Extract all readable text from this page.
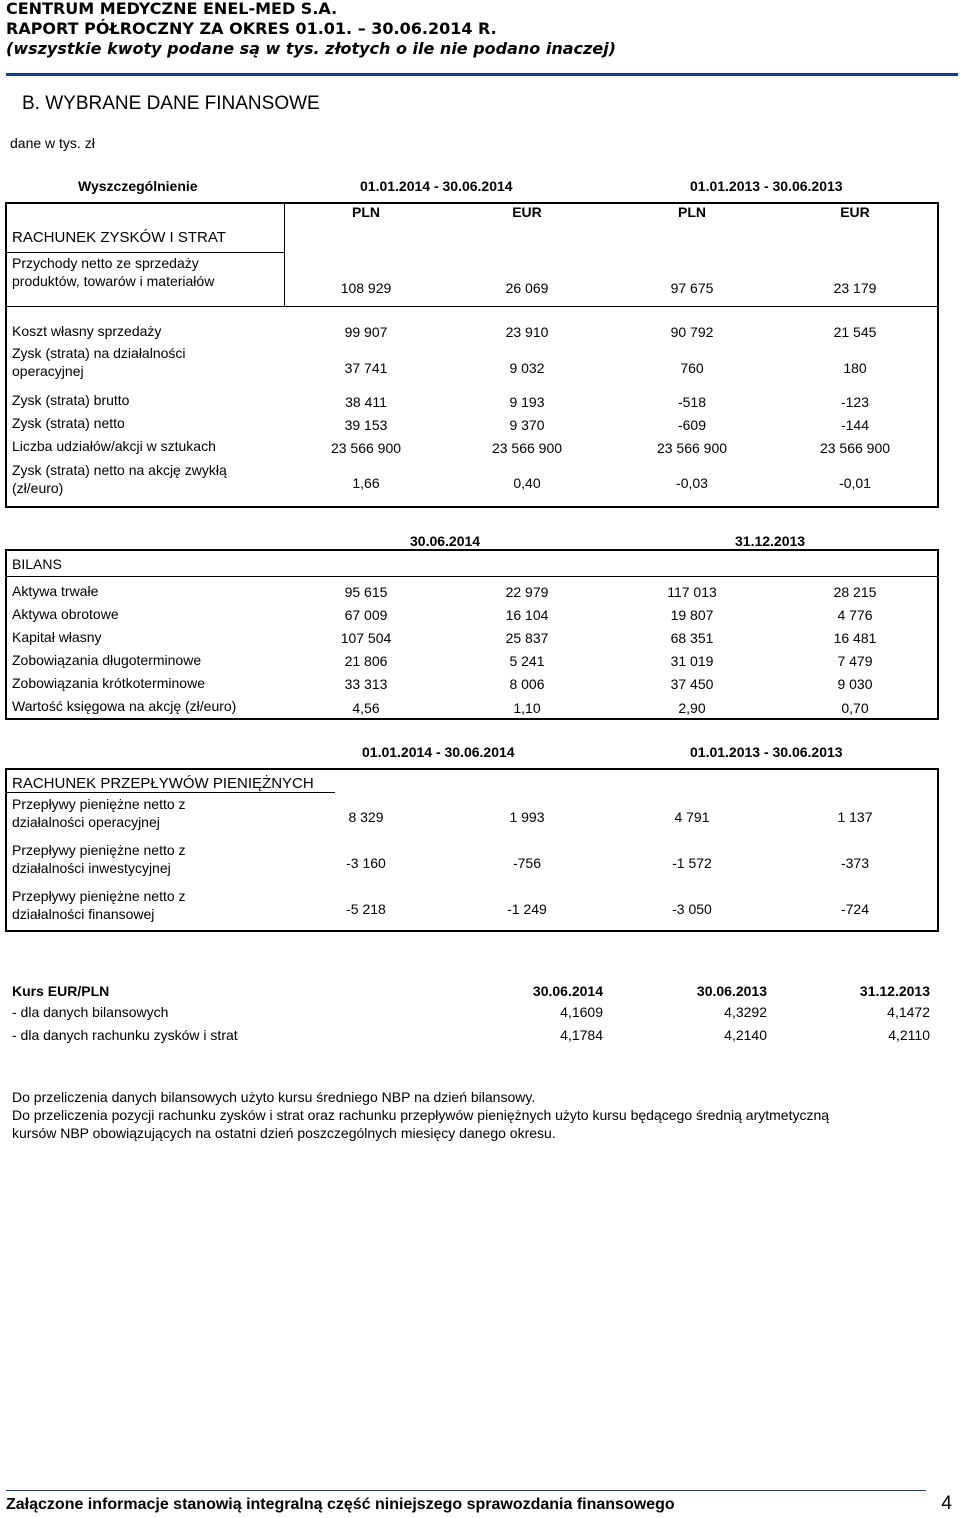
CENTRUM MEDYCZNE ENEL-MED S.A.
RAPORT PÓŁROCZNY ZA OKRES 01.01. – 30.06.2014 R.
(wszystkie kwoty podane są w tys. złotych o ile nie podano inaczej)
B. WYBRANE DANE FINANSOWE
dane w tys. zł
Wyszczególnienie	01.01.2014 - 30.06.2014	01.01.2013 - 30.06.2013
PLN	EUR	PLN	EUR
RACHUNEK ZYSKÓW I STRAT
Przychody netto ze sprzedaży
produktów, towarów i materiałów	108 929	26 069	97 675	23 179
Koszt własny sprzedaży	99 907	23 910	90 792	21 545
Zysk (strata) na działalności
operacyjnej	37 741	9 032	760	180
Zysk (strata) brutto	38 411	9 193	-518	-123
Zysk (strata) netto	39 153	9 370	-609	-144
Liczba udziałów/akcji w sztukach	23 566 900	23 566 900	23 566 900	23 566 900
Zysk (strata) netto na akcję zwykłą
(zł/euro)	1,66	0,40	-0,03	-0,01
30.06.2014	31.12.2013
BILANS
Aktywa trwałe	95 615	22 979	117 013	28 215
Aktywa obrotowe	67 009	16 104	19 807	4 776
Kapitał własny	107 504	25 837	68 351	16 481
Zobowiązania długoterminowe	21 806	5 241	31 019	7 479
Zobowiązania krótkoterminowe	33 313	8 006	37 450	9 030
Wartość księgowa na akcję (zł/euro)	4,56	1,10	2,90	0,70
01.01.2014 - 30.06.2014	01.01.2013 - 30.06.2013
RACHUNEK PRZEPŁYWÓW PIENIĘŻNYCH
Przepływy pieniężne netto z
działalności operacyjnej	8 329	1 993	4 791	1 137
Przepływy pieniężne netto z
działalności inwestycyjnej	-3 160	-756	-1 572	-373
Przepływy pieniężne netto z
działalności finansowej	-5 218	-1 249	-3 050	-724
Kurs EUR/PLN	30.06.2014	30.06.2013	31.12.2013
- dla danych bilansowych	4,1609	4,3292	4,1472
- dla danych rachunku zysków i strat	4,1784	4,2140	4,2110
Do przeliczenia danych bilansowych użyto kursu średniego NBP na dzień bilansowy.
Do przeliczenia pozycji rachunku zysków i strat oraz rachunku przepływów pieniężnych użyto kursu będącego średnią arytmetyczną
kursów NBP obowiązujących na ostatni dzień poszczególnych miesięcy danego okresu.
Załączone informacje stanowią integralną część niniejszego sprawozdania finansowego	4
